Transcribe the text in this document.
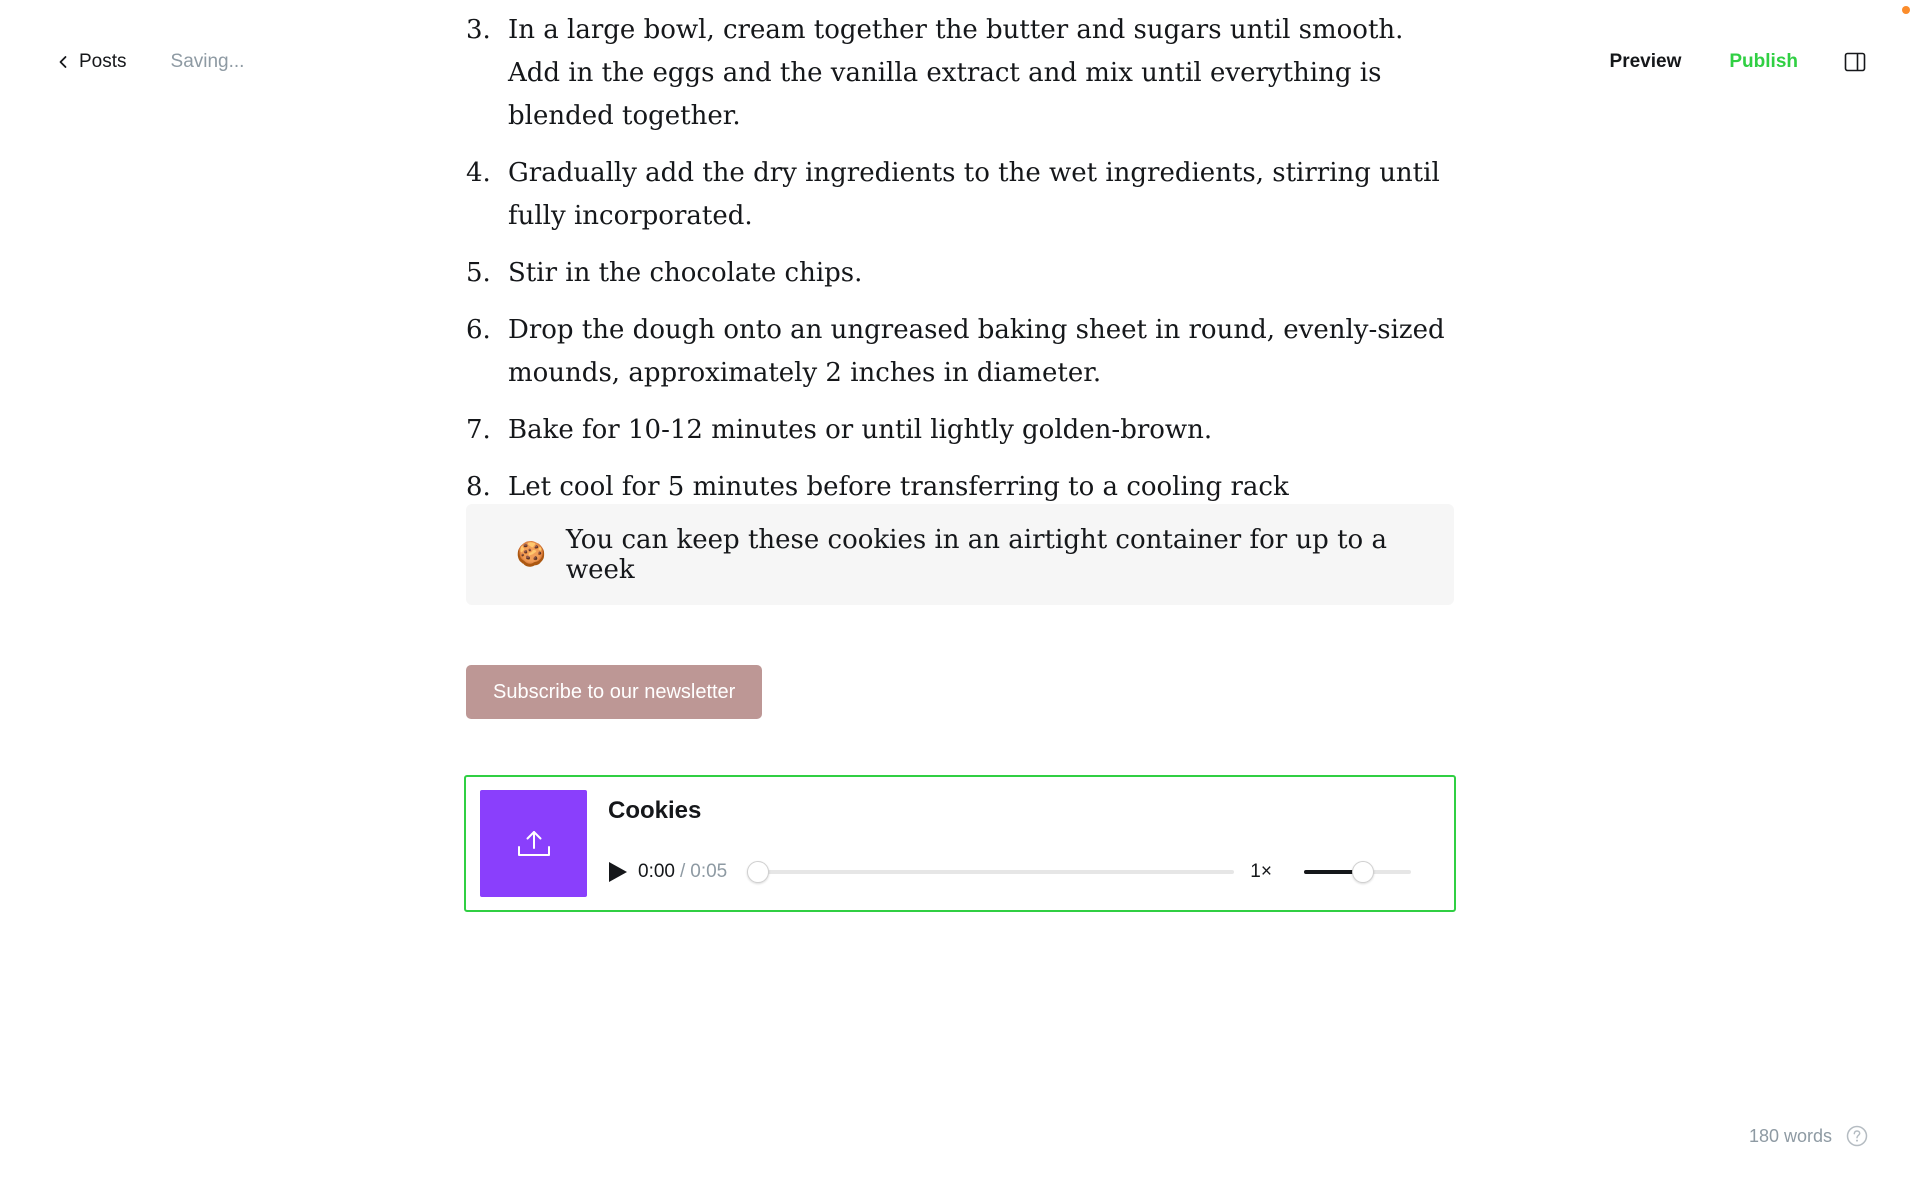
Posts Saving...	Preview	Publish
3. In a large bowl, cream together the butter and sugars until smooth. Add in the eggs and the vanilla extract and mix until everything is blended together.
4. Gradually add the dry ingredients to the wet ingredients, stirring until fully incorporated.
5. Stir in the chocolate chips.
6. Drop the dough onto an ungreased baking sheet in round, evenly-sized mounds, approximately 2 inches in diameter.
7. Bake for 10-12 minutes or until lightly golden-brown.
8. Let cool for 5 minutes before transferring to a cooling rack
🍪 You can keep these cookies in an airtight container for up to a week
Subscribe to our newsletter
Cookies
0:00 / 0:05	1×
180 words
